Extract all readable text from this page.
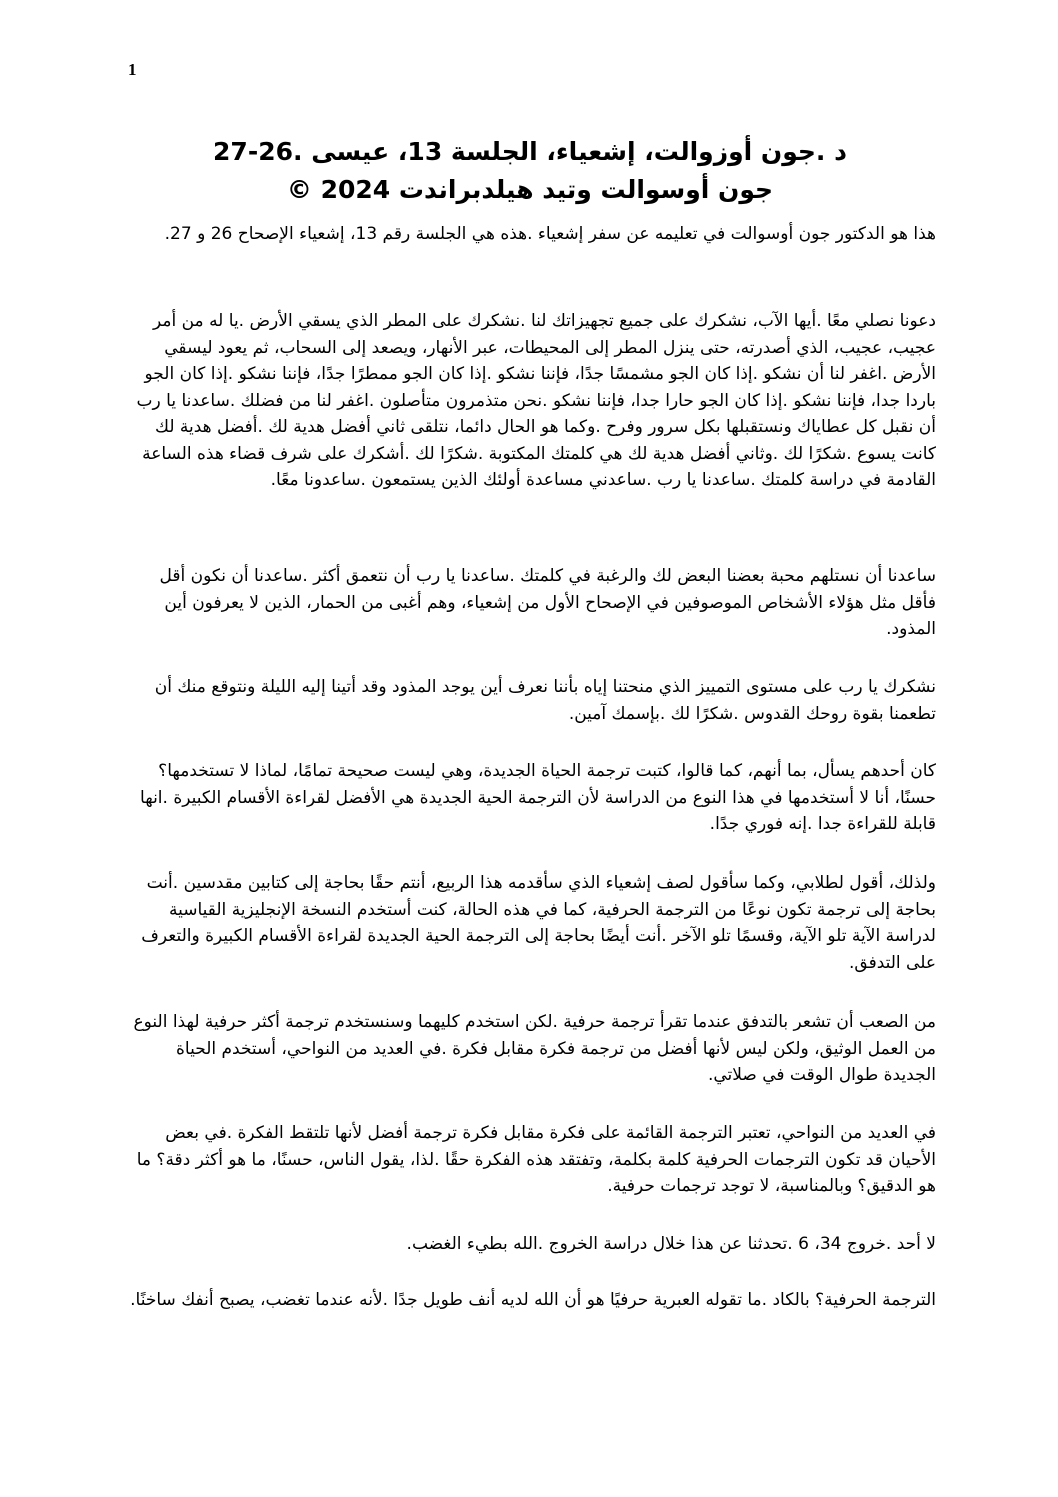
1
د .جون أوزوالت، إشعياء، الجلسة 13، عيسى .26-27
جون أوسوالت وتيد هيلدبراندت 2024 ©

هذا هو الدكتور جون أوسوالت في تعليمه عن سفر إشعياء .هذه هي الجلسة رقم 13، إشعياء الإصحاح 26 و 27.

دعونا نصلي معًا .أيها الآب، نشكرك على جميع تجهيزاتك لنا .نشكرك على المطر الذي يسقي الأرض .يا له من أمر عجيب، عجيب، الذي أصدرته، حتى ينزل المطر إلى المحيطات، عبر الأنهار، ويصعد إلى السحاب، ثم يعود ليسقي الأرض .اغفر لنا أن نشكو .إذا كان الجو مشمسًا جدًا، فإننا نشكو .إذا كان الجو ممطرًا جدًا، فإننا نشكو .إذا كان الجو باردا جدا، فإننا نشكو .إذا كان الجو حارا جدا، فإننا نشكو .نحن متذمرون متأصلون .اغفر لنا من فضلك .ساعدنا يا رب أن نقبل كل عطاياك ونستقبلها بكل سرور وفرح .وكما هو الحال دائما، نتلقى ثاني أفضل هدية لك .أفضل هدية لك كانت يسوع .شكرًا لك .وثاني أفضل هدية لك هي كلمتك المكتوبة .شكرًا لك .أشكرك على شرف قضاء هذه الساعة القادمة في دراسة كلمتك .ساعدنا يا رب .ساعدني مساعدة أولئك الذين يستمعون .ساعدونا معًا.

ساعدنا أن نستلهم محبة بعضنا البعض لك والرغبة في كلمتك .ساعدنا يا رب أن نتعمق أكثر .ساعدنا أن نكون أقل فأقل مثل هؤلاء الأشخاص الموصوفين في الإصحاح الأول من إشعياء، وهم أغبى من الحمار، الذين لا يعرفون أين المذود.

نشكرك يا رب على مستوى التمييز الذي منحتنا إياه بأننا نعرف أين يوجد المذود وقد أتينا إليه الليلة ونتوقع منك أن تطعمنا بقوة روحك القدوس .شكرًا لك .بإسمك آمين.

كان أحدهم يسأل، بما أنهم، كما قالوا، كتبت ترجمة الحياة الجديدة، وهي ليست صحيحة تمامًا، لماذا لا تستخدمها؟ حسنًا، أنا لا أستخدمها في هذا النوع من الدراسة لأن الترجمة الحية الجديدة هي الأفضل لقراءة الأقسام الكبيرة .انها قابلة للقراءة جدا .إنه فوري جدًا.

ولذلك، أقول لطلابي، وكما سأقول لصف إشعياء الذي سأقدمه هذا الربيع، أنتم حقًا بحاجة إلى كتابين مقدسين .أنت بحاجة إلى ترجمة تكون نوعًا من الترجمة الحرفية، كما في هذه الحالة، كنت أستخدم النسخة الإنجليزية القياسية لدراسة الآية تلو الآية، وقسمًا تلو الآخر .أنت أيضًا بحاجة إلى الترجمة الحية الجديدة لقراءة الأقسام الكبيرة والتعرف على التدفق.

من الصعب أن تشعر بالتدفق عندما تقرأ ترجمة حرفية .لكن استخدم كليهما وسنستخدم ترجمة أكثر حرفية لهذا النوع من العمل الوثيق، ولكن ليس لأنها أفضل من ترجمة فكرة مقابل فكرة .في العديد من النواحي، أستخدم الحياة الجديدة طوال الوقت في صلاتي.

في العديد من النواحي، تعتبر الترجمة القائمة على فكرة مقابل فكرة ترجمة أفضل لأنها تلتقط الفكرة .في بعض الأحيان قد تكون الترجمات الحرفية كلمة بكلمة، وتفتقد هذه الفكرة حقًا .لذا، يقول الناس، حسنًا، ما هو أكثر دقة؟ ما هو الدقيق؟ وبالمناسبة، لا توجد ترجمات حرفية.

لا أحد .خروج 34، 6 .تحدثنا عن هذا خلال دراسة الخروج .الله بطيء الغضب.

الترجمة الحرفية؟ بالكاد .ما تقوله العبرية حرفيًا هو أن الله لديه أنف طويل جدًا .لأنه عندما تغضب، يصبح أنفك ساخنًا.
